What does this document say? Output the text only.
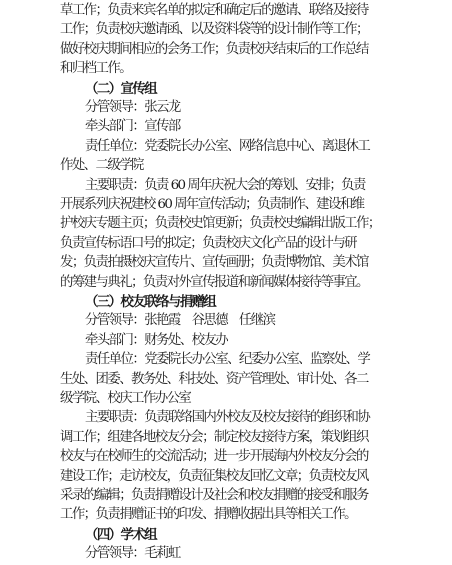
草工作；负责来宾名单的拟定和确定后的邀请、联络及接待
工作；负责校庆邀请函、以及资料袋等的设计制作等工作；
做好校庆期间相应的会务工作；负责校庆结束后的工作总结
和归档工作。
（二）宣传组
分管领导：张云龙
牵头部门：宣传部
责任单位：党委院长办公室、网络信息中心、离退休工
作处、二级学院
主要职责：负责 60 周年庆祝大会的筹划、安排；负责
开展系列庆祝建校 60 周年宣传活动；负责制作、建设和维
护校庆专题主页；负责校史馆更新；负责校史编辑出版工作；
负责宣传标语口号的拟定；负责校庆文化产品的设计与研
发；负责拍摄校庆宣传片、宣传画册；负责博物馆、美术馆
的筹建与典礼；负责对外宣传报道和新闻媒体接待等事宜。
（三）校友联络与捐赠组
分管领导：张艳霞　谷思德　任继滨
牵头部门：财务处、校友办
责任单位：党委院长办公室、纪委办公室、监察处、学
生处、团委、教务处、科技处、资产管理处、审计处、各二
级学院、校庆工作办公室
主要职责：负责联络国内外校友及校友接待的组织和协
调工作；组建各地校友分会；制定校友接待方案，策划组织
校友与在校师生的交流活动；进一步开展海内外校友分会的
建设工作；走访校友，负责征集校友回忆文章；负责校友风
采录的编辑；负责捐赠设计及社会和校友捐赠的接受和服务
工作；负责捐赠证书的印发、捐赠收据出具等相关工作。
（四）学术组
分管领导：毛莉虹
